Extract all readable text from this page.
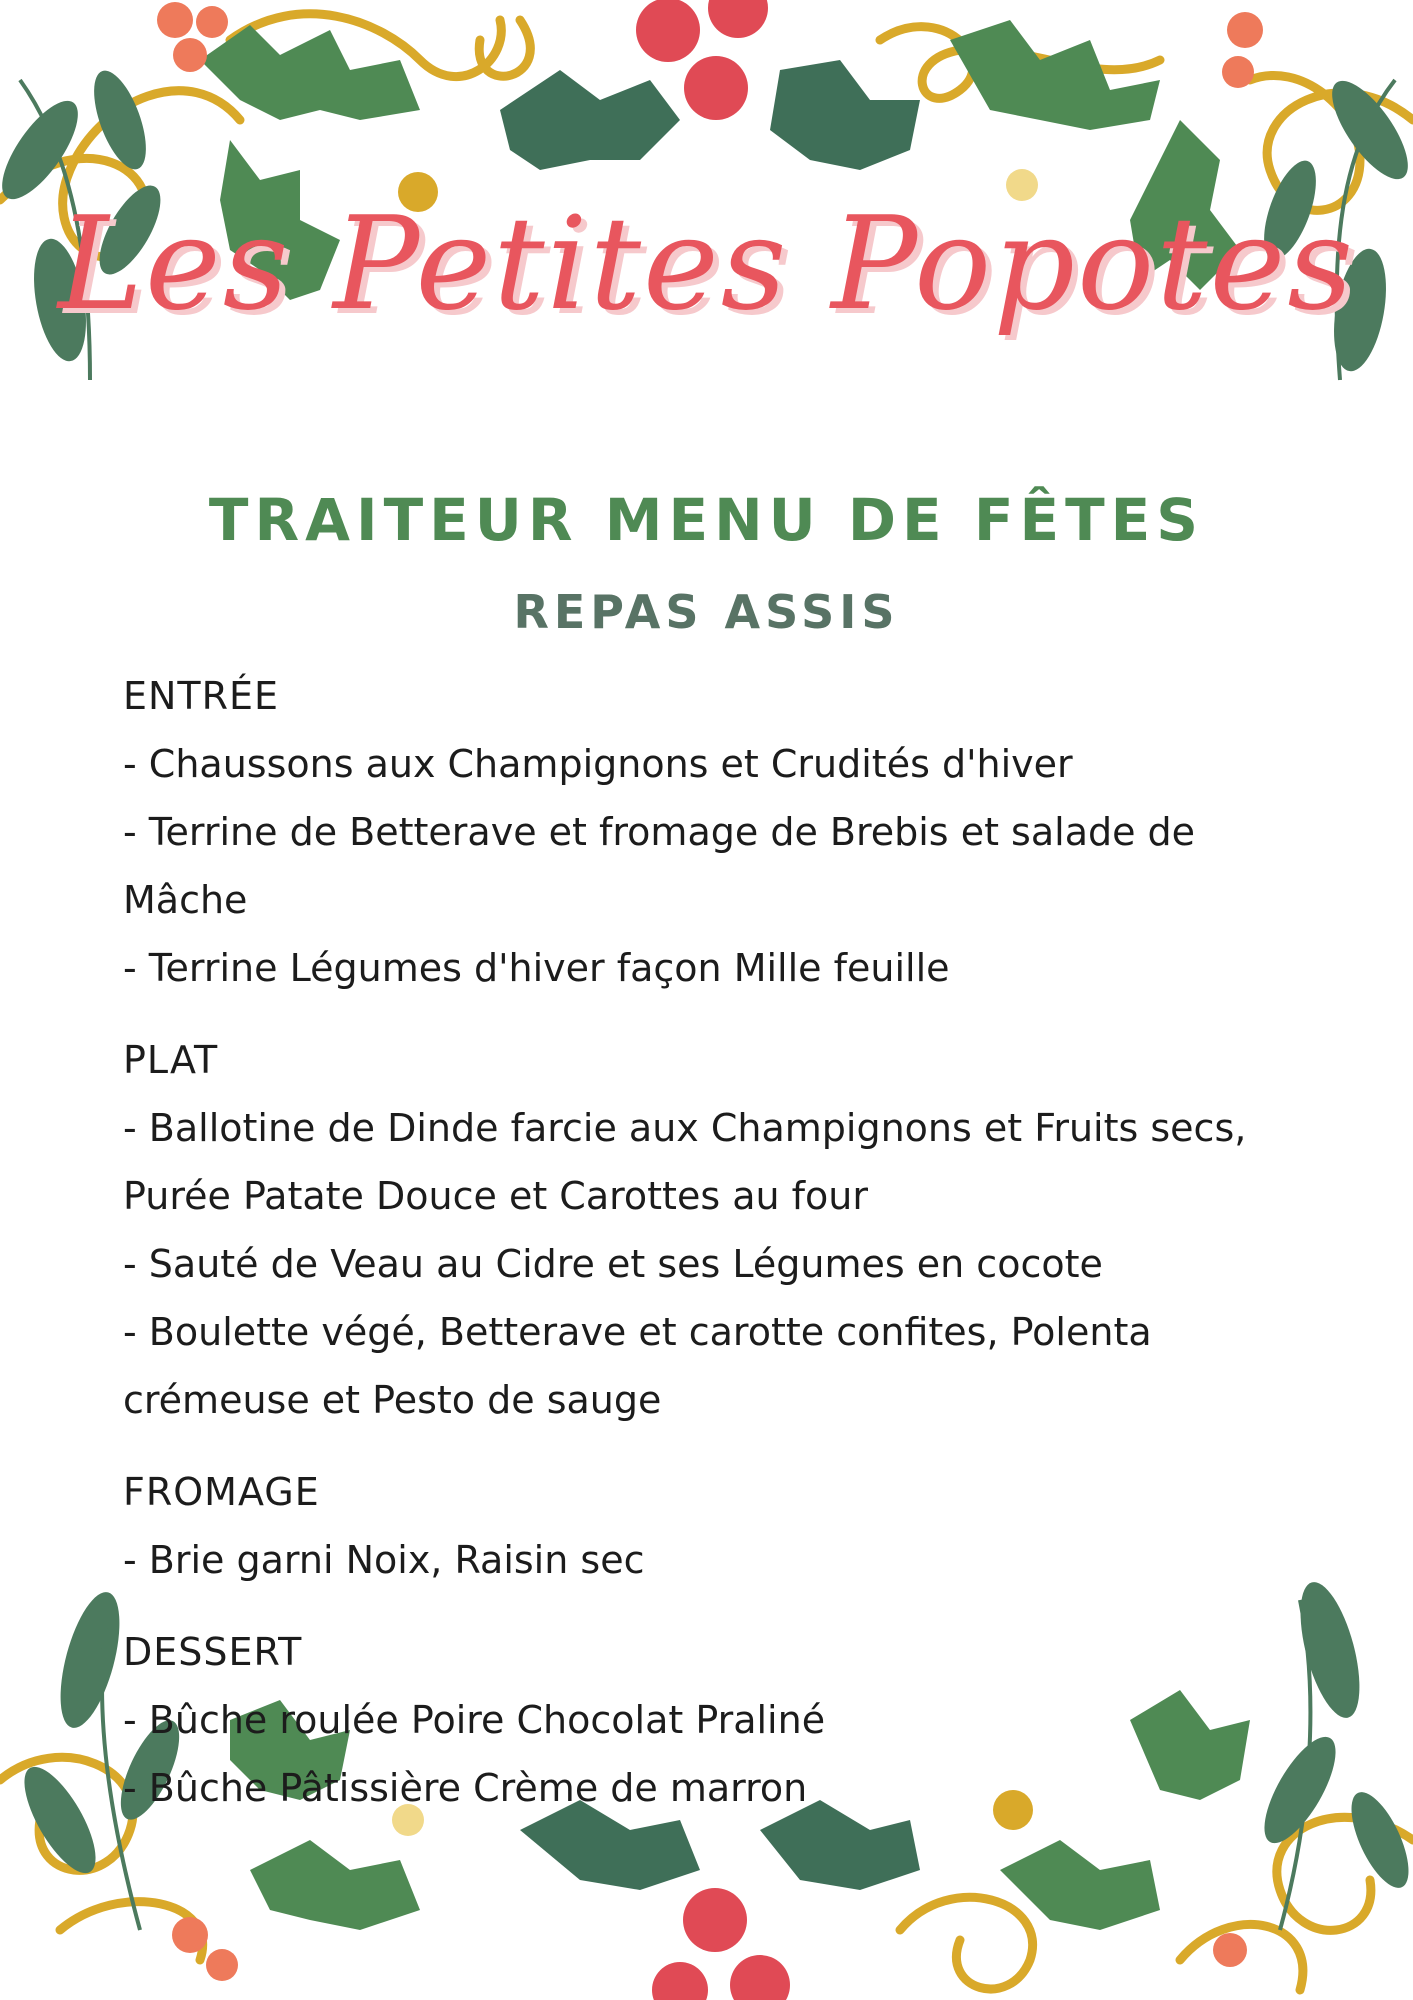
Les Petites Popotes
TRAITEUR MENU DE FÊTES
REPAS ASSIS
ENTRÉE
- Chaussons aux Champignons et Crudités d'hiver
- Terrine de Betterave et fromage de Brebis et salade de Mâche
- Terrine Légumes d'hiver façon Mille feuille
PLAT
- Ballotine de Dinde farcie aux Champignons et Fruits secs, Purée Patate Douce et Carottes au four
- Sauté de Veau au Cidre et ses Légumes en cocote
- Boulette végé, Betterave et carotte confites, Polenta crémeuse et Pesto de sauge
FROMAGE
- Brie garni Noix, Raisin sec
DESSERT
- Bûche roulée Poire Chocolat Praliné
- Bûche Pâtissière Crème de marron
